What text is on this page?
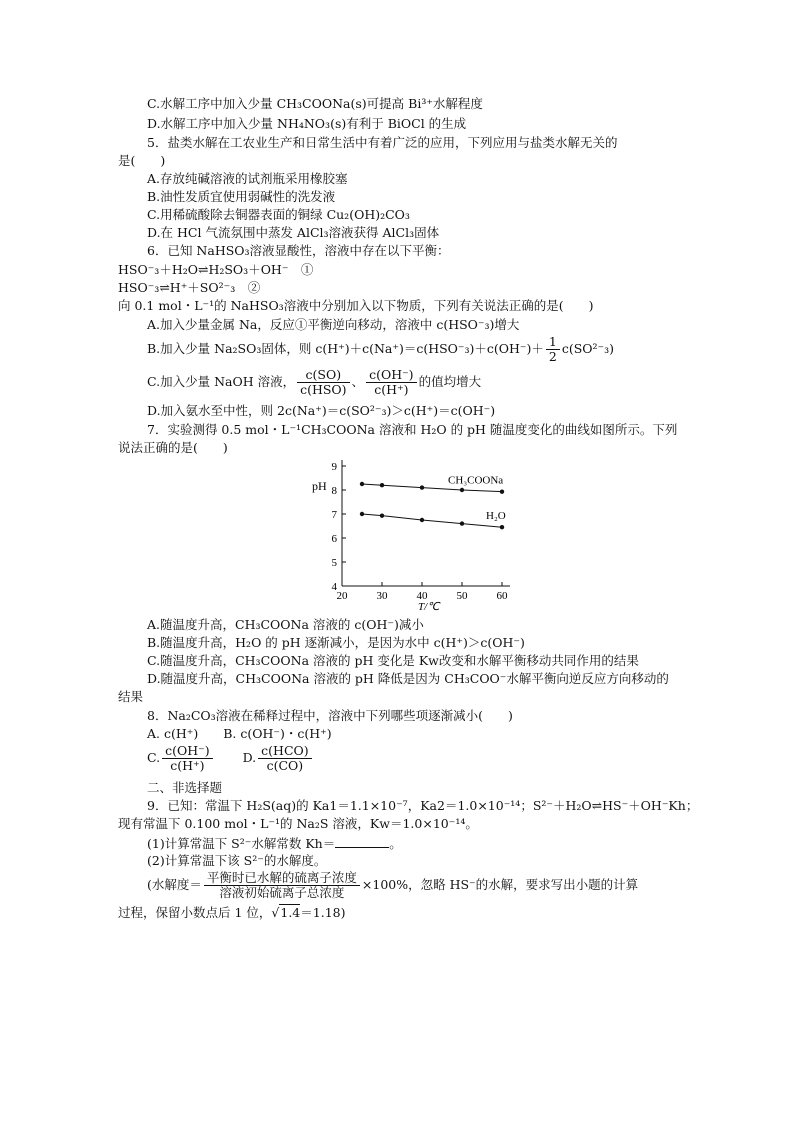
C.水解工序中加入少量 CH₃COONa(s)可提高 Bi³⁺水解程度
D.水解工序中加入少量 NH₄NO₃(s)有利于 BiOCl 的生成
5．盐类水解在工农业生产和日常生活中有着广泛的应用，下列应用与盐类水解无关的
是(　　)
A.存放纯碱溶液的试剂瓶采用橡胶塞
B.油性发质宜使用弱碱性的洗发液
C.用稀硫酸除去铜器表面的铜绿 Cu₂(OH)₂CO₃
D.在 HCl 气流氛围中蒸发 AlCl₃溶液获得 AlCl₃固体
6．已知 NaHSO₃溶液显酸性，溶液中存在以下平衡：
HSO⁻₃＋H₂O⇌H₂SO₃＋OH⁻　①
HSO⁻₃⇌H⁺＋SO²⁻₃　②
向 0.1 mol・L⁻¹的 NaHSO₃溶液中分别加入以下物质，下列有关说法正确的是(　　)
A.加入少量金属 Na，反应①平衡逆向移动，溶液中 c(HSO⁻₃)增大
B.加入少量 Na₂SO₃固体，则 $c(H^+)+c(Na^+)=c(HSO^-_3)+c(OH^-)+ \frac{1}{2} c(SO^{2-}_3)$
C.加入少量 NaOH 溶液， $\frac{c(SO)}{\text{c(HSO)}}$ 、 $\frac{c(OH^-)}{c(H^+)}$ 的值均增大
D.加入氨水至中性，则 2c(Na⁺)＝c(SO²⁻₃)＞c(H⁺)＝c(OH⁻)
7．实验测得 0.5 mol・L⁻¹CH₃COONa 溶液和 H₂O 的 pH 随温度变化的曲线如图所示。下列
说法正确的是(　　)
20	30	40	50	60
4
5
6
7
8
9
CH₃COONa
H₂O
pH
T/℃
A.随温度升高，CH₃COONa 溶液的 c(OH⁻)减小
B.随温度升高，H₂O 的 pH 逐渐减小，是因为水中 c(H⁺)＞c(OH⁻)
C.随温度升高，CH₃COONa 溶液的 pH 变化是 Kw改变和水解平衡移动共同作用的结果
D.随温度升高，CH₃COONa 溶液的 pH 降低是因为 CH₃COO⁻水解平衡向逆反应方向移动的
结果
8．Na₂CO₃溶液在稀释过程中，溶液中下列哪些项逐渐减小(　　)
A. c(H⁺)　　B. c(OH⁻)・c(H⁺)
C. $\frac{c(OH^-)}{c(H^+)} D$. $\frac{\text{c(HCO)}}{c(CO)}$
二、非选择题
9．已知：常温下 H₂S(aq)的 Ka1＝1.1×10⁻⁷，Ka2＝1.0×10⁻¹⁴；S²⁻＋H₂O⇌HS⁻＋OH⁻Kh；
现有常温下 0.100 mol・L⁻¹的 Na₂S 溶液，Kw＝1.0×10⁻¹⁴。
(1)计算常温下 S²⁻水解常数 Kh＝	。
(2)计算常温下该 S²⁻的水解度。
(水解度＝ $\frac{\text{平衡时已水解的硫离子浓度}}{\text{溶液初始硫离子总浓度}} \times 100\%$，忽略 HS⁻的水解，要求写出小题的计算
过程，保留小数点后 1 位，√1.4＝1.18)
